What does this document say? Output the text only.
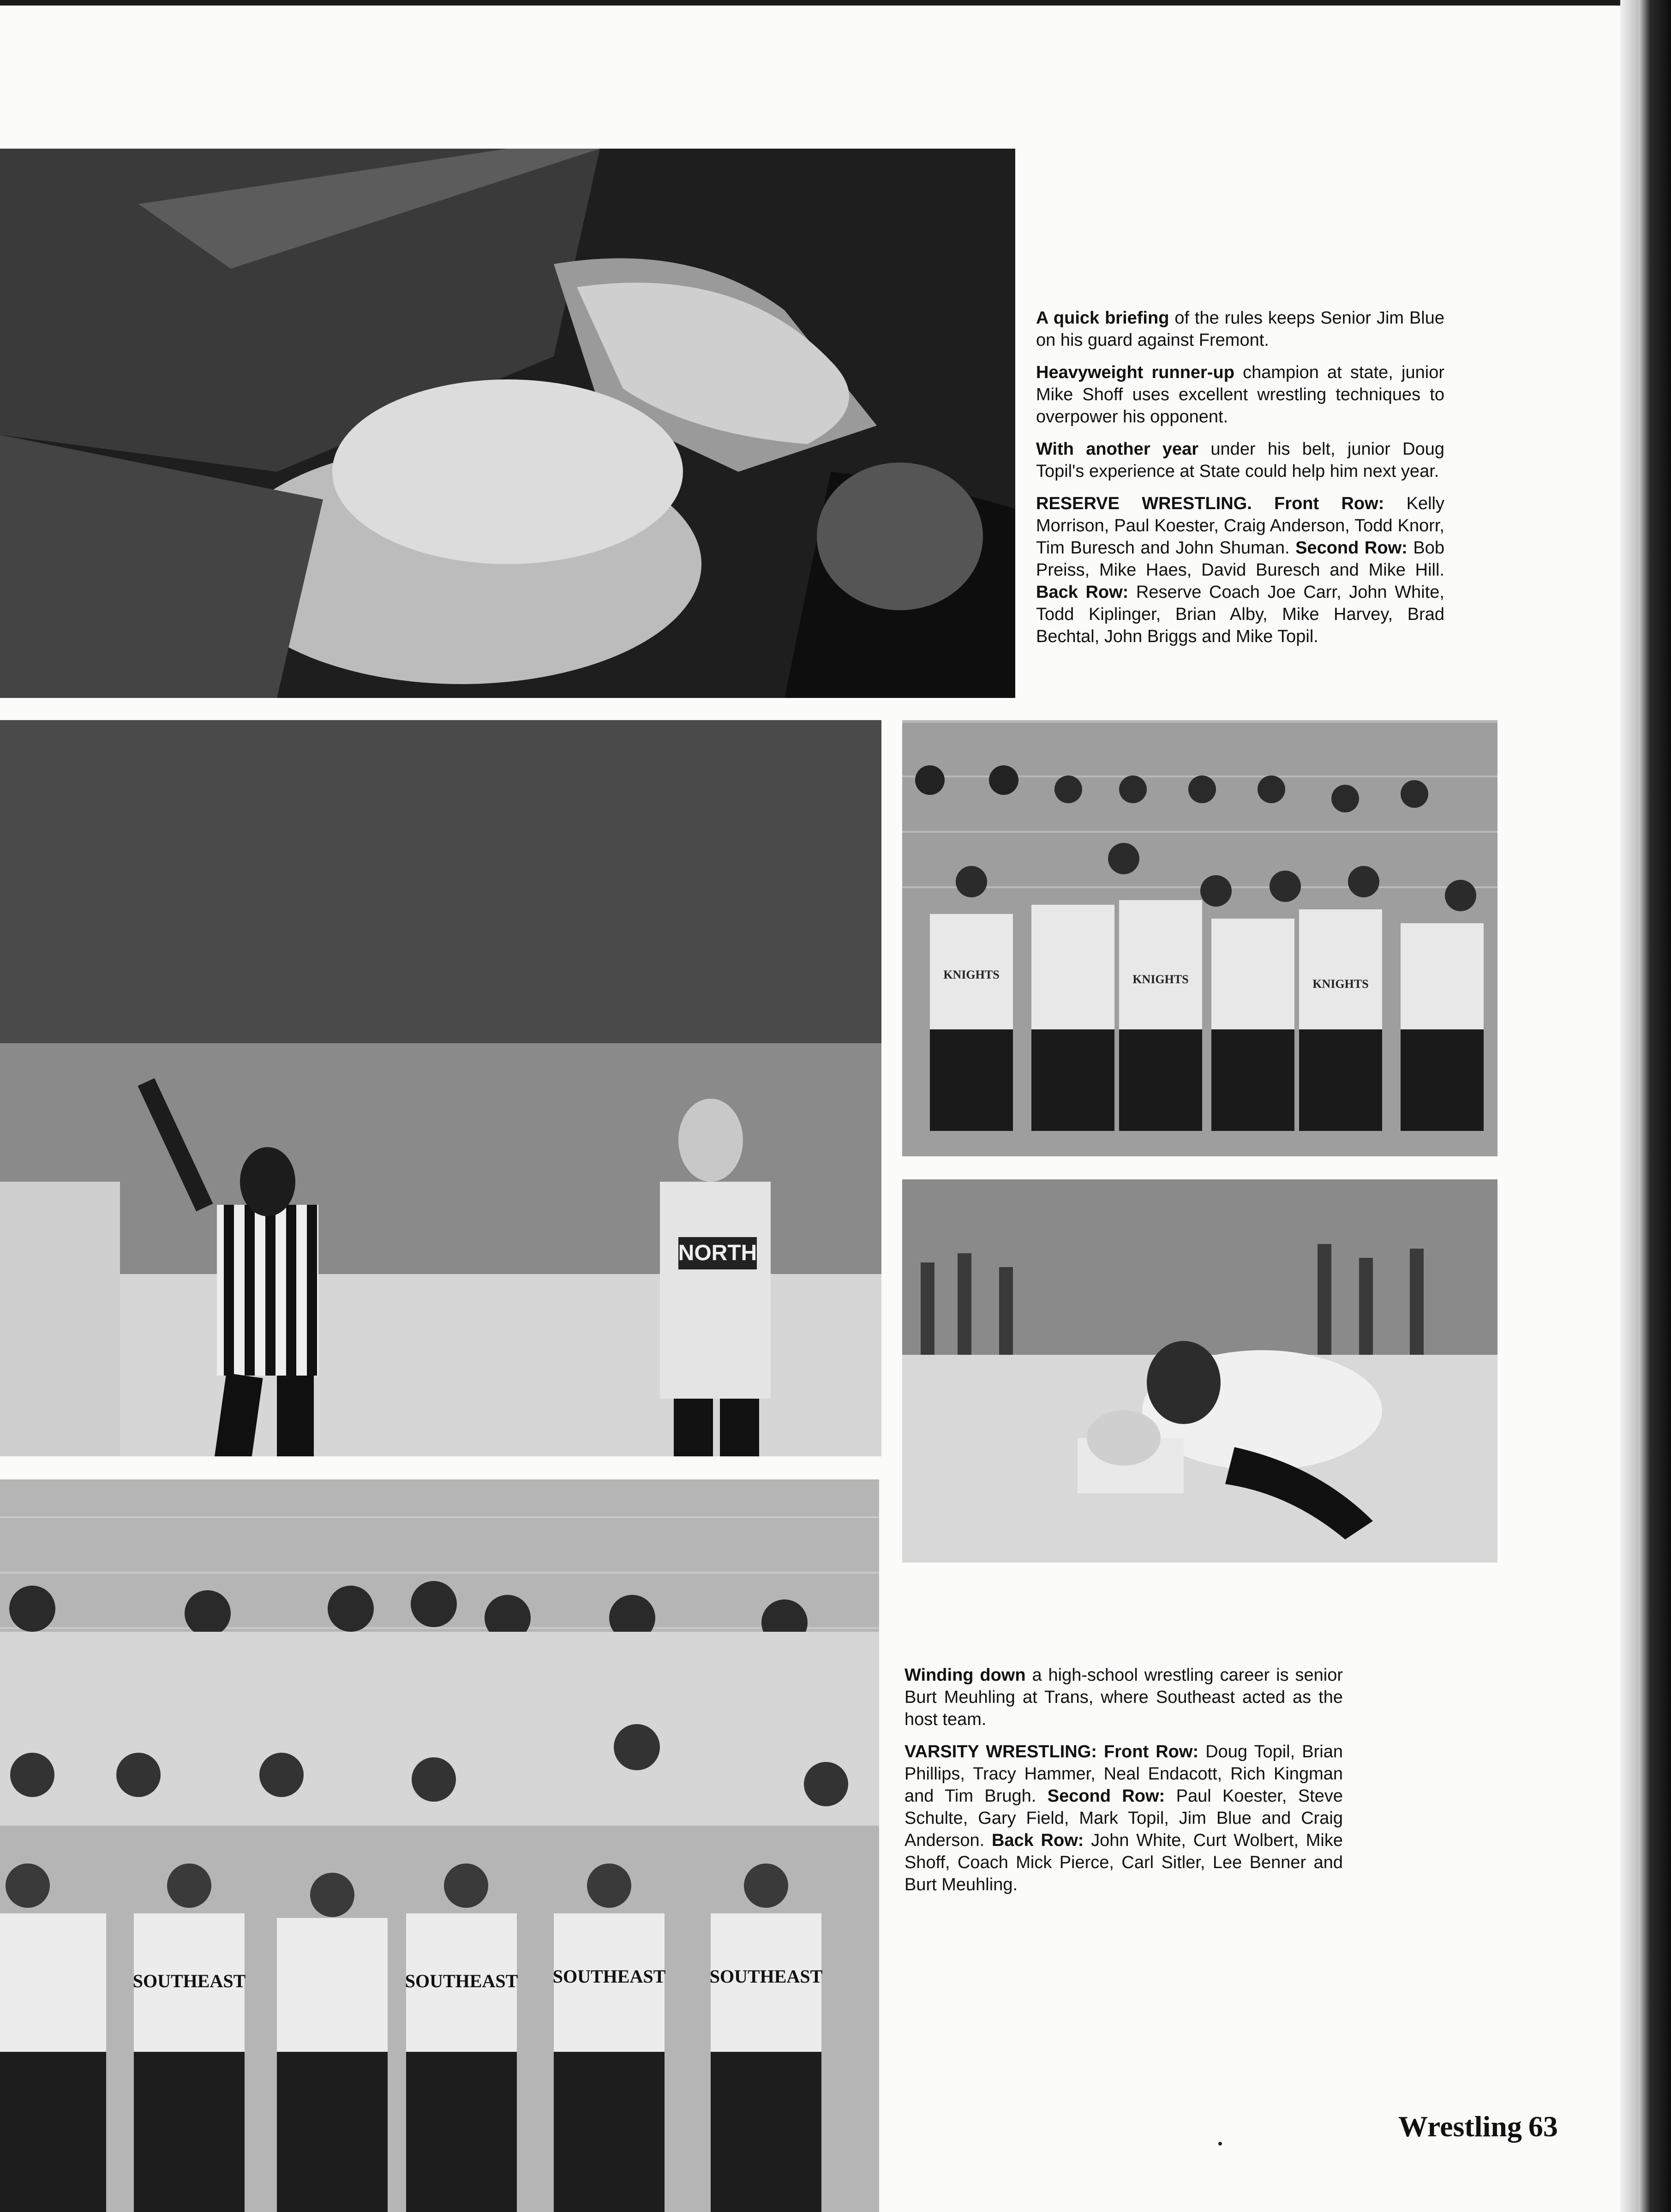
A quick briefing of the rules keeps Senior Jim Blue on his guard against Fremont.

Heavyweight runner-up champion at state, junior Mike Shoff uses excellent wrestling techniques to overpower his opponent.

With another year under his belt, junior Doug Topil's experience at State could help him next year.

RESERVE WRESTLING. Front Row: Kelly Morrison, Paul Koester, Craig Anderson, Todd Knorr, Tim Buresch and John Shuman. Second Row: Bob Preiss, Mike Haes, David Buresch and Mike Hill. Back Row: Reserve Coach Joe Carr, John White, Todd Kiplinger, Brian Alby, Mike Harvey, Brad Bechtal, John Briggs and Mike Topil.

NORTH
KNIGHTS	KNIGHTS	KNIGHTS

Winding down a high-school wrestling career is senior Burt Meuhling at Trans, where Southeast acted as the host team.

VARSITY WRESTLING: Front Row: Doug Topil, Brian Phillips, Tracy Hammer, Neal Endacott, Rich Kingman and Tim Brugh. Second Row: Paul Koester, Steve Schulte, Gary Field, Mark Topil, Jim Blue and Craig Anderson. Back Row: John White, Curt Wolbert, Mike Shoff, Coach Mick Pierce, Carl Sitler, Lee Benner and Burt Meuhling.

SOUTHEAST	SOUTHEAST SOUTHEAST SOUTHEAST
Wrestling 63
